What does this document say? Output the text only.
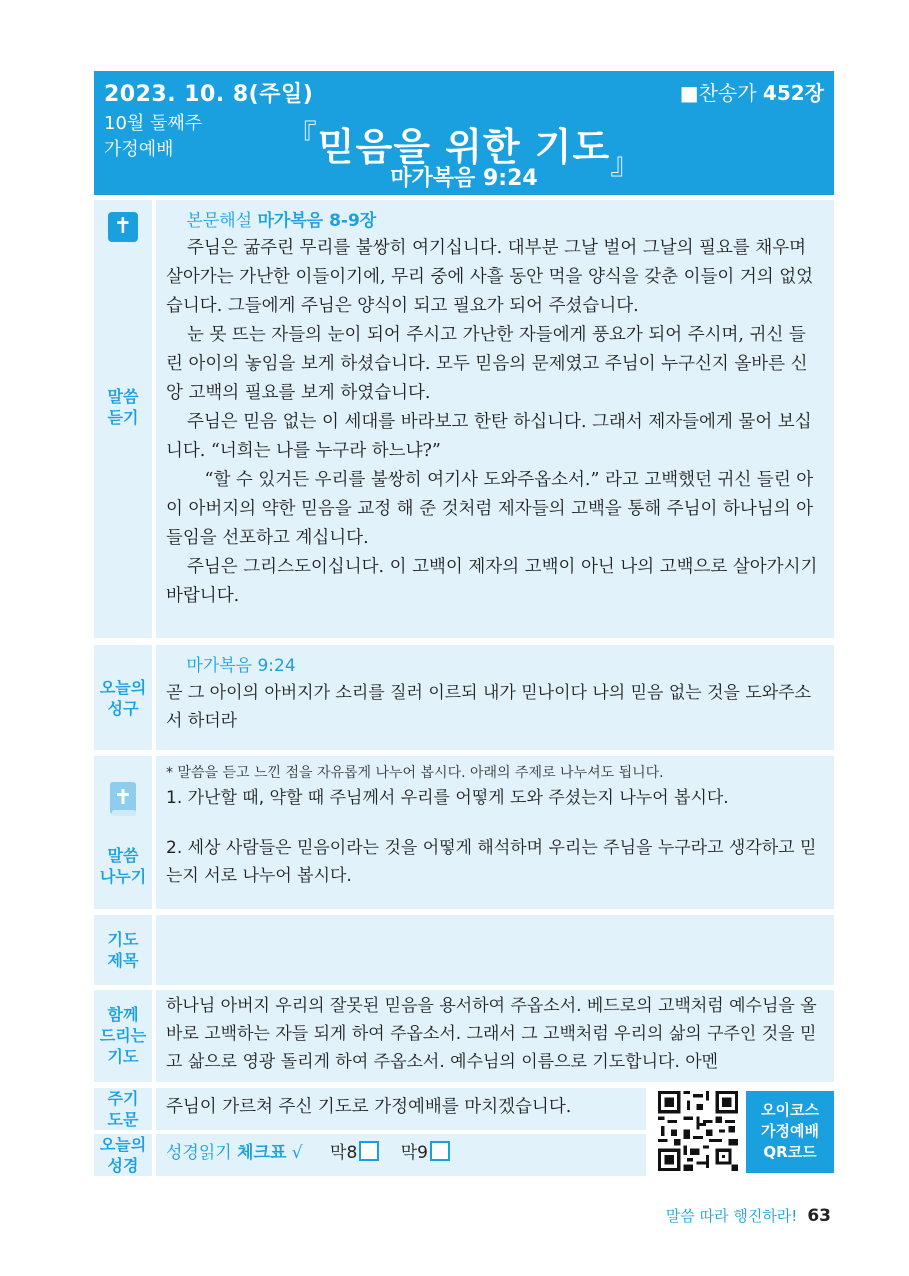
2023. 10. 8(주일)
10월 둘째주
가정예배
■찬송가 452장
『믿음을 위한 기도$_』$
마가복음 9:24
✝
말씀
듣기

본문해설 마가복음 8-9장

주님은 굶주린 무리를 불쌍히 여기십니다. 대부분 그날 벌어 그날의 필요를 채우며 살아가는 가난한 이들이기에, 무리 중에 사흘 동안 먹을 양식을 갖춘 이들이 거의 없었습니다. 그들에게 주님은 양식이 되고 필요가 되어 주셨습니다.

눈 못 뜨는 자들의 눈이 되어 주시고 가난한 자들에게 풍요가 되어 주시며, 귀신 들린 아이의 놓임을 보게 하셨습니다. 모두 믿음의 문제였고 주님이 누구신지 올바른 신앙 고백의 필요를 보게 하였습니다.

주님은 믿음 없는 이 세대를 바라보고 한탄 하십니다. 그래서 제자들에게 물어 보십니다. “너희는 나를 누구라 하느냐?”

“할 수 있거든 우리를 불쌍히 여기사 도와주옵소서.” 라고 고백했던 귀신 들린 아이 아버지의 약한 믿음을 교정 해 준 것처럼 제자들의 고백을 통해 주님이 하나님의 아들임을 선포하고 계십니다.

주님은 그리스도이십니다. 이 고백이 제자의 고백이 아닌 나의 고백으로 살아가시기 바랍니다.

오늘의
성구

마가복음 9:24

곧 그 아이의 아버지가 소리를 질러 이르되 내가 믿나이다 나의 믿음 없는 것을 도와주소서 하더라

말씀
나누기

* 말씀을 듣고 느낀 점을 자유롭게 나누어 봅시다. 아래의 주제로 나누셔도 됩니다.

1. 가난할 때, 약할 때 주님께서 우리를 어떻게 도와 주셨는지 나누어 봅시다.

2. 세상 사람들은 믿음이라는 것을 어떻게 해석하며 우리는 주님을 누구라고 생각하고 믿는지 서로 나누어 봅시다.

기도
제목
함께
드리는
기도

하나님 아버지 우리의 잘못된 믿음을 용서하여 주옵소서. 베드로의 고백처럼 예수님을 올바로 고백하는 자들 되게 하여 주옵소서. 그래서 그 고백처럼 우리의 삶의 구주인 것을 믿고 삶으로 영광 돌리게 하여 주옵소서. 예수님의 이름으로 기도합니다. 아멘

주기
도문

주님이 가르쳐 주신 기도로 가정예배를 마치겠습니다.

오늘의
성경
성경읽기 체크표 √ 막8	막9
오이코스
가정예배
QR코드
말씀 따라 행진하라! 63
